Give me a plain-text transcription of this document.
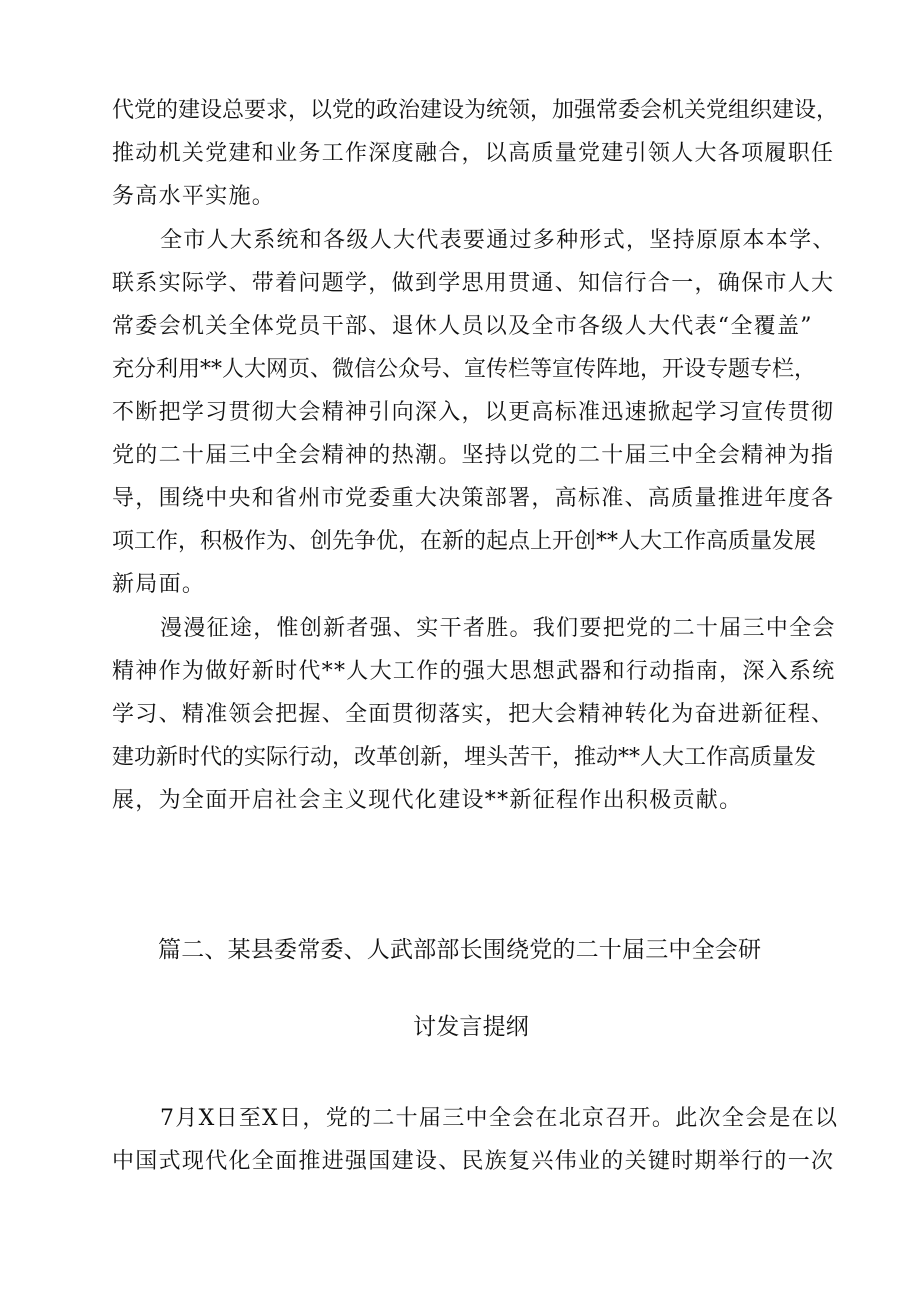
代党的建设总要求，以党的政治建设为统领，加强常委会机关党组织建设，
推动机关党建和业务工作深度融合，以高质量党建引领人大各项履职任
务高水平实施。
全市人大系统和各级人大代表要通过多种形式，坚持原原本本学、
联系实际学、带着问题学，做到学思用贯通、知信行合一，确保市人大
常委会机关全体党员干部、退休人员以及全市各级人大代表“全覆盖”
充分利用**人大网页、微信公众号、宣传栏等宣传阵地，开设专题专栏，
不断把学习贯彻大会精神引向深入，以更高标准迅速掀起学习宣传贯彻
党的二十届三中全会精神的热潮。坚持以党的二十届三中全会精神为指
导，围绕中央和省州市党委重大决策部署，高标准、高质量推进年度各
项工作，积极作为、创先争优，在新的起点上开创**人大工作高质量发展
新局面。
漫漫征途，惟创新者强、实干者胜。我们要把党的二十届三中全会
精神作为做好新时代**人大工作的强大思想武器和行动指南，深入系统
学习、精准领会把握、全面贯彻落实，把大会精神转化为奋进新征程、
建功新时代的实际行动，改革创新，埋头苦干，推动**人大工作高质量发
展，为全面开启社会主义现代化建设**新征程作出积极贡献。
篇二、某县委常委、人武部部长围绕党的二十届三中全会研
讨发言提纲
7月X日至X日，党的二十届三中全会在北京召开。此次全会是在以
中国式现代化全面推进强国建设、民族复兴伟业的关键时期举行的一次
